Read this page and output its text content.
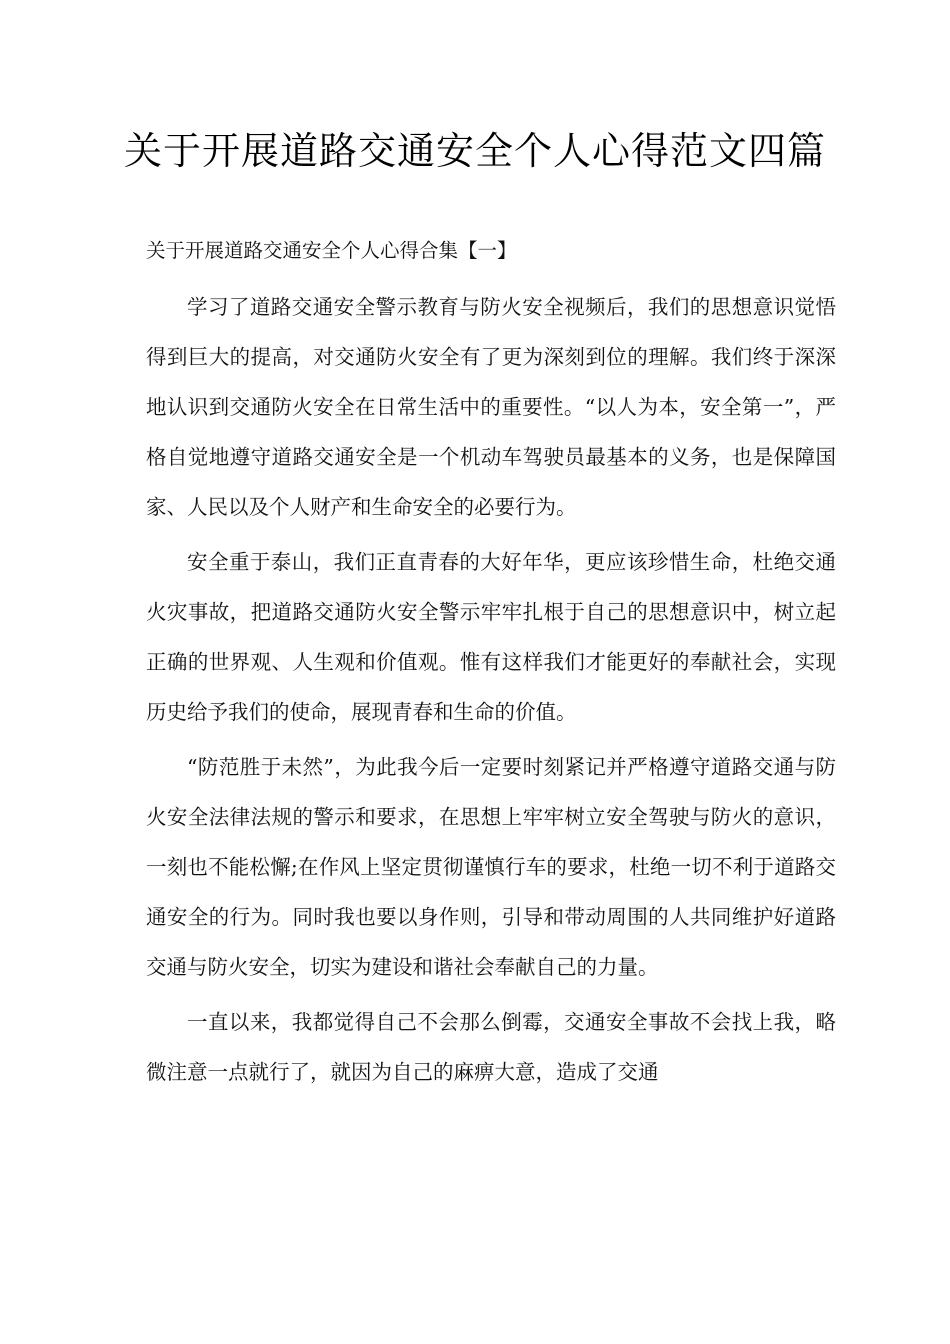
关于开展道路交通安全个人心得范文四篇

关于开展道路交通安全个人心得合集【一】

学习了道路交通安全警示教育与防火安全视频后，我们的思想意识觉悟得到巨大的提高，对交通防火安全有了更为深刻到位的理解。我们终于深深地认识到交通防火安全在日常生活中的重要性。“以人为本，安全第一”，严格自觉地遵守道路交通安全是一个机动车驾驶员最基本的义务，也是保障国家、人民以及个人财产和生命安全的必要行为。

安全重于泰山，我们正直青春的大好年华，更应该珍惜生命，杜绝交通火灾事故，把道路交通防火安全警示牢牢扎根于自己的思想意识中，树立起正确的世界观、人生观和价值观。惟有这样我们才能更好的奉献社会，实现历史给予我们的使命，展现青春和生命的价值。

“防范胜于未然”，为此我今后一定要时刻紧记并严格遵守道路交通与防火安全法律法规的警示和要求，在思想上牢牢树立安全驾驶与防火的意识，一刻也不能松懈;在作风上坚定贯彻谨慎行车的要求，杜绝一切不利于道路交通安全的行为。同时我也要以身作则，引导和带动周围的人共同维护好道路交通与防火安全，切实为建设和谐社会奉献自己的力量。

一直以来，我都觉得自己不会那么倒霉，交通安全事故不会找上我，略微注意一点就行了，就因为自己的麻痹大意，造成了交通
